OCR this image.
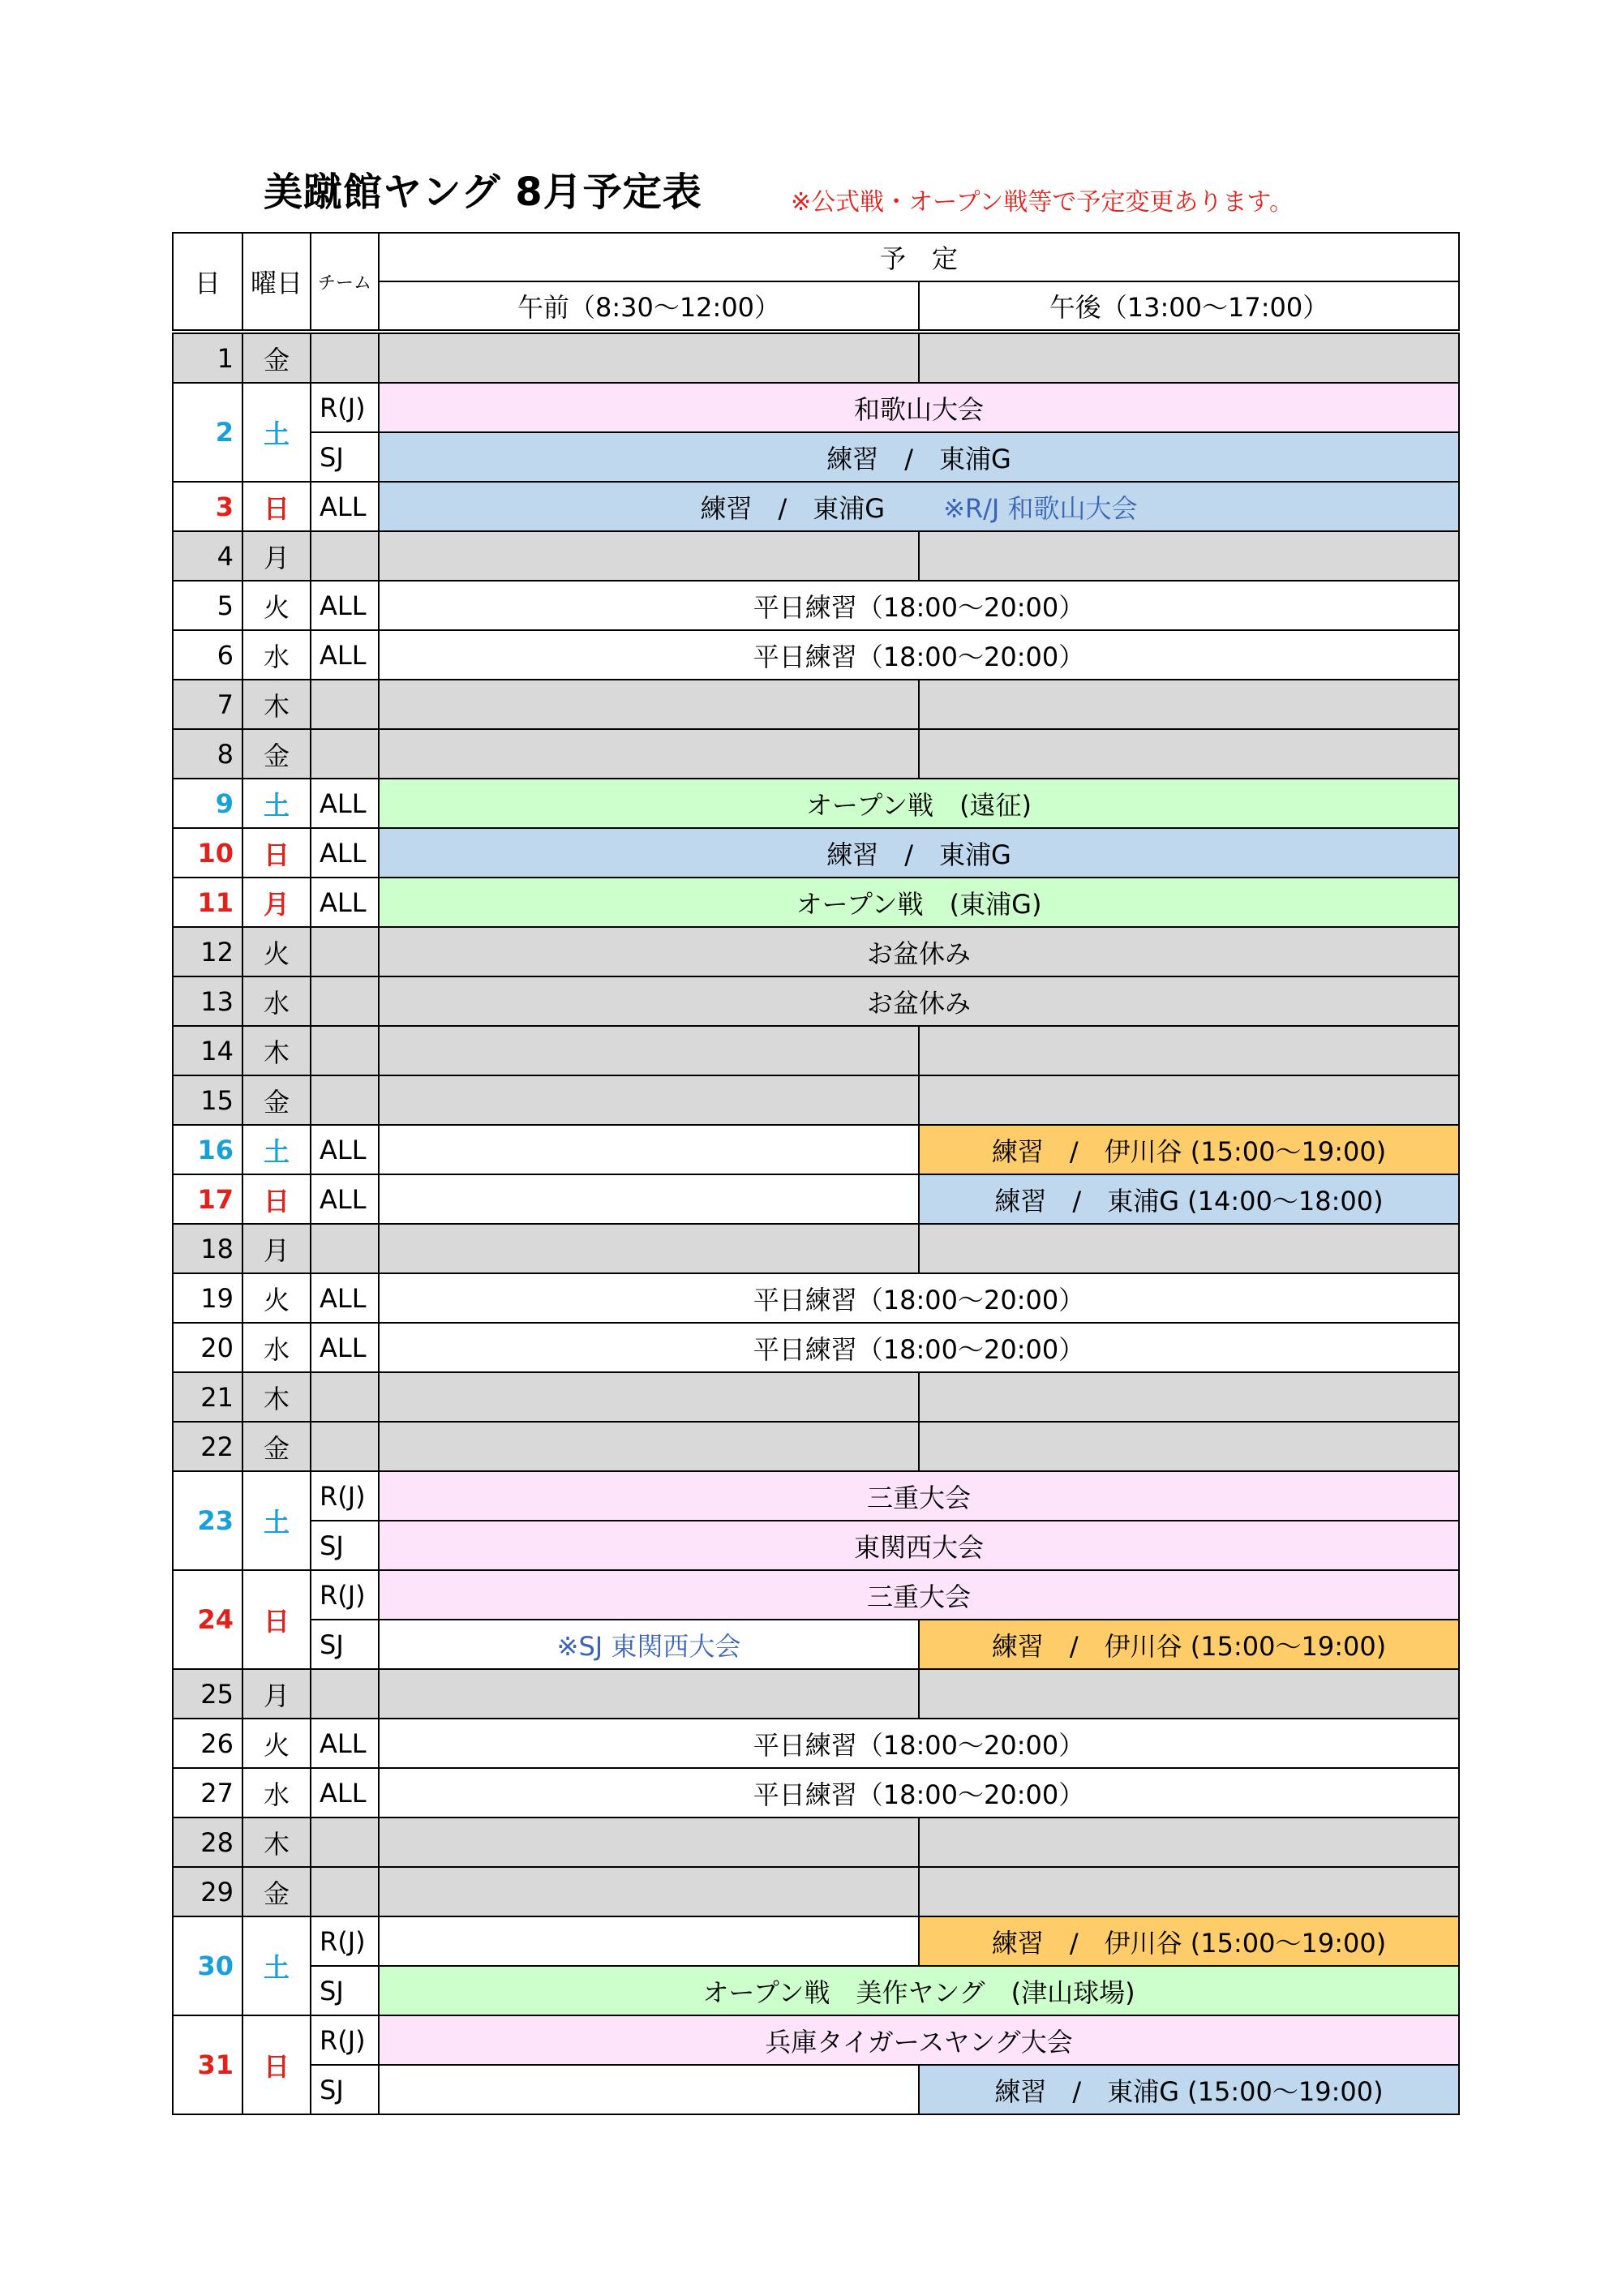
美蹴館ヤング 8月予定表	※公式戦・オープン戦等で予定変更あります。
日	曜日	チーム	予　定	
			午前（8:30～12:00）	午後（13:00～17:00）
1	金			
2	土	R(J)	和歌山大会	
		SJ	練習　/　東浦G	
3	日	ALL	練習　/　東浦G ※R/J 和歌山大会	
4	月			
5	火	ALL	平日練習（18:00～20:00）	
6	水	ALL	平日練習（18:00～20:00）	
7	木			
8	金			
9	土	ALL	オープン戦　(遠征)	
10	日	ALL	練習　/　東浦G	
11	月	ALL	オープン戦　(東浦G)	
12	火		お盆休み	
13	水		お盆休み	
14	木			
15	金			
16	土	ALL		練習　/　伊川谷 (15:00～19:00)
17	日	ALL		練習　/　東浦G (14:00～18:00)
18	月			
19	火	ALL	平日練習（18:00～20:00）	
20	水	ALL	平日練習（18:00～20:00）	
21	木			
22	金			
23	土	R(J)	三重大会	
		SJ	東関西大会	
24	日	R(J)	三重大会	
		SJ	※SJ 東関西大会	練習　/　伊川谷 (15:00～19:00)
25	月			
26	火	ALL	平日練習（18:00～20:00）	
27	水	ALL	平日練習（18:00～20:00）	
28	木			
29	金			
30	土	R(J)		練習　/　伊川谷 (15:00～19:00)
		SJ	オープン戦　美作ヤング　(津山球場)	
31	日	R(J)	兵庫タイガースヤング大会	
		SJ		練習　/　東浦G (15:00～19:00)
